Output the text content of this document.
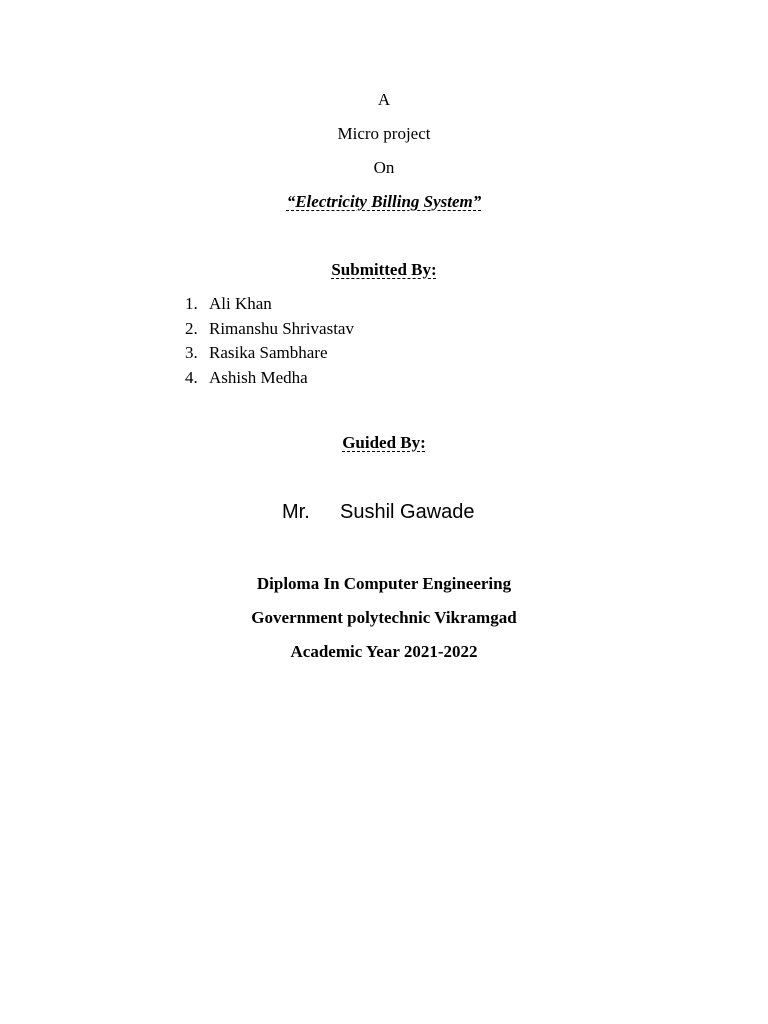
A
Micro project
On
“Electricity Billing System”
Submitted By:
1. Ali Khan
2. Rimanshu Shrivastav
3. Rasika Sambhare
4. Ashish Medha
Guided By:
Mr. Sushil Gawade
Diploma In Computer Engineering
Government polytechnic Vikramgad
Academic Year 2021-2022
